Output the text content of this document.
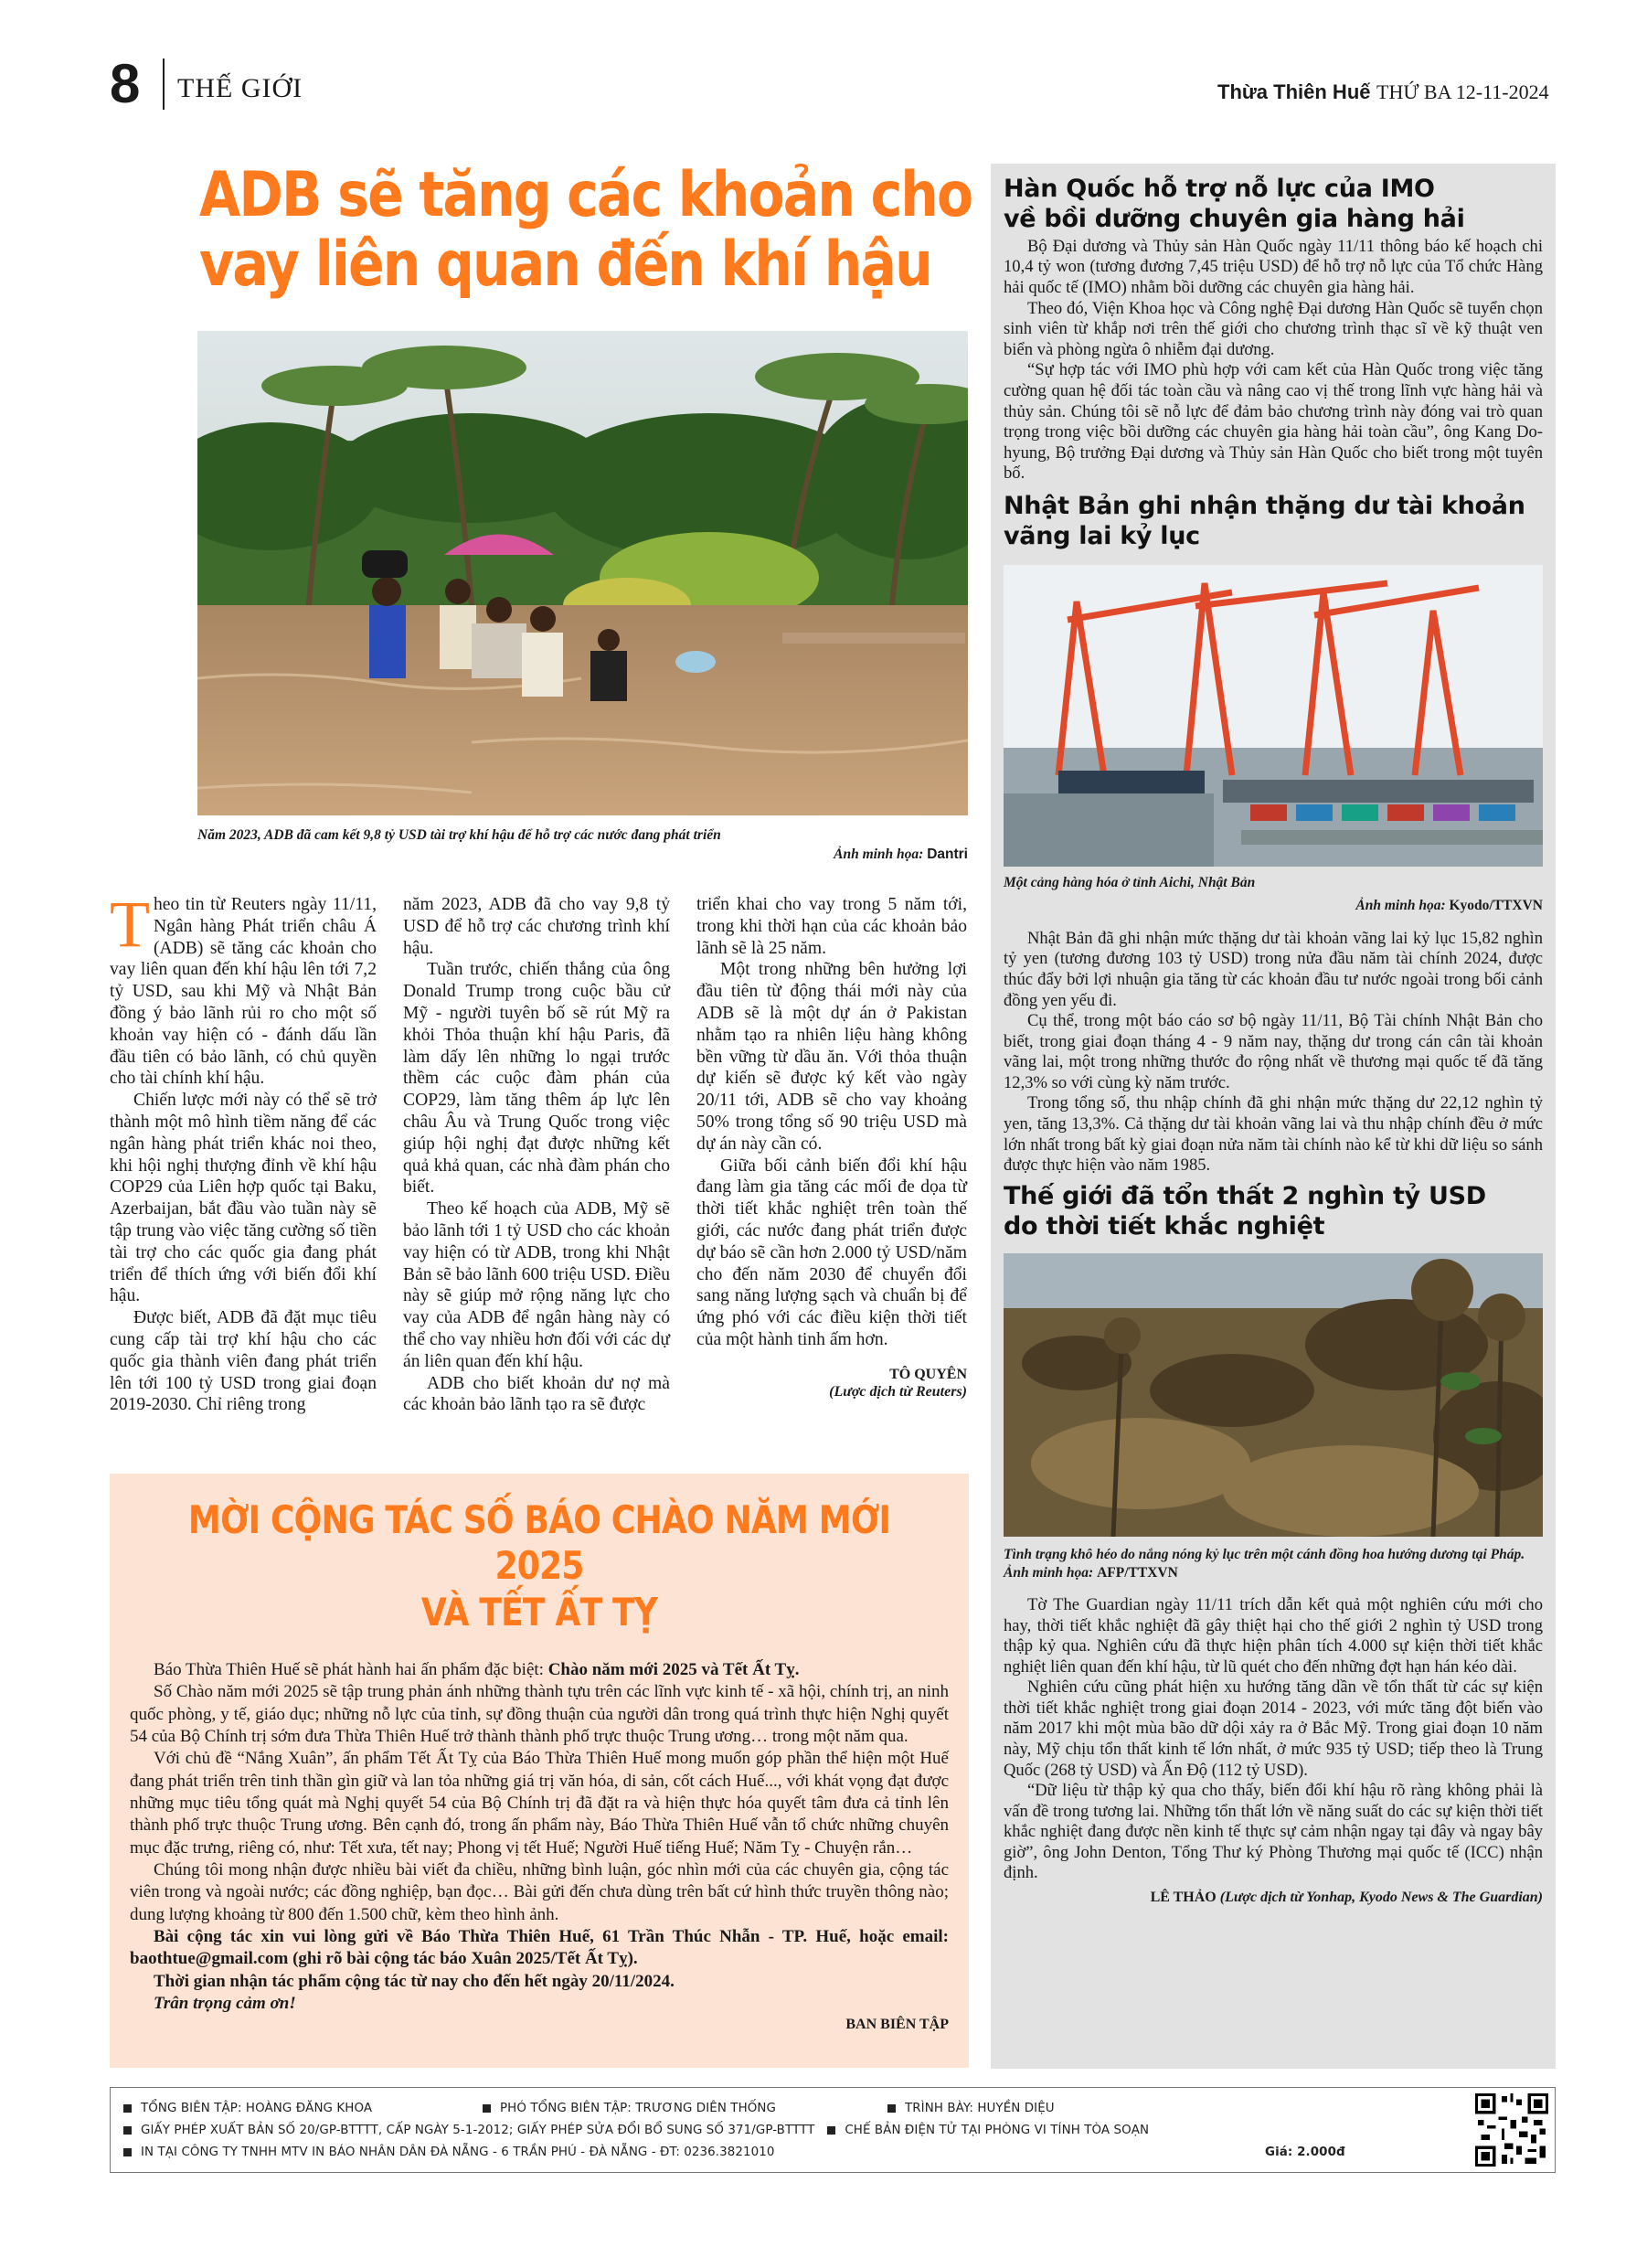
8 THẾ GIỚI	Thừa Thiên Huế THỨ BA 12-11-2024
ADB sẽ tăng các khoản cho vay liên quan đến khí hậu
Năm 2023, ADB đã cam kết 9,8 tỷ USD tài trợ khí hậu để hỗ trợ các nước đang phát triển
Ảnh minh họa: Dantri

Theo tin từ Reuters ngày 11/11, Ngân hàng Phát triển châu Á (ADB) sẽ tăng các khoản cho vay liên quan đến khí hậu lên tới 7,2 tỷ USD, sau khi Mỹ và Nhật Bản đồng ý bảo lãnh rủi ro cho một số khoản vay hiện có - đánh dấu lần đầu tiên có bảo lãnh, có chủ quyền cho tài chính khí hậu.

Chiến lược mới này có thể sẽ trở thành một mô hình tiềm năng để các ngân hàng phát triển khác noi theo, khi hội nghị thượng đỉnh về khí hậu COP29 của Liên hợp quốc tại Baku, Azerbaijan, bắt đầu vào tuần này sẽ tập trung vào việc tăng cường số tiền tài trợ cho các quốc gia đang phát triển để thích ứng với biến đổi khí hậu.

Được biết, ADB đã đặt mục tiêu cung cấp tài trợ khí hậu cho các quốc gia thành viên đang phát triển lên tới 100 tỷ USD trong giai đoạn 2019-2030. Chỉ riêng trong

năm 2023, ADB đã cho vay 9,8 tỷ USD để hỗ trợ các chương trình khí hậu.

Tuần trước, chiến thắng của ông Donald Trump trong cuộc bầu cử Mỹ - người tuyên bố sẽ rút Mỹ ra khỏi Thỏa thuận khí hậu Paris, đã làm dấy lên những lo ngại trước thềm các cuộc đàm phán của COP29, làm tăng thêm áp lực lên châu Âu và Trung Quốc trong việc giúp hội nghị đạt được những kết quả khả quan, các nhà đàm phán cho biết.

Theo kế hoạch của ADB, Mỹ sẽ bảo lãnh tới 1 tỷ USD cho các khoản vay hiện có từ ADB, trong khi Nhật Bản sẽ bảo lãnh 600 triệu USD. Điều này sẽ giúp mở rộng năng lực cho vay của ADB để ngân hàng này có thể cho vay nhiều hơn đối với các dự án liên quan đến khí hậu.

ADB cho biết khoản dư nợ mà các khoản bảo lãnh tạo ra sẽ được

triển khai cho vay trong 5 năm tới, trong khi thời hạn của các khoản bảo lãnh sẽ là 25 năm.

Một trong những bên hưởng lợi đầu tiên từ động thái mới này của ADB sẽ là một dự án ở Pakistan nhằm tạo ra nhiên liệu hàng không bền vững từ dầu ăn. Với thỏa thuận dự kiến sẽ được ký kết vào ngày 20/11 tới, ADB sẽ cho vay khoảng 50% trong tổng số 90 triệu USD mà dự án này cần có.

Giữa bối cảnh biến đổi khí hậu đang làm gia tăng các mối đe dọa từ thời tiết khắc nghiệt trên toàn thế giới, các nước đang phát triển được dự báo sẽ cần hơn 2.000 tỷ USD/năm cho đến năm 2030 để chuyển đổi sang năng lượng sạch và chuẩn bị để ứng phó với các điều kiện thời tiết của một hành tinh ấm hơn.

TÔ QUYÊN
(Lược dịch từ Reuters)
MỜI CỘNG TÁC SỐ BÁO CHÀO NĂM MỚI 2025
VÀ TẾT ẤT TỴ

Báo Thừa Thiên Huế sẽ phát hành hai ấn phẩm đặc biệt: Chào năm mới 2025 và Tết Ất Tỵ.

Số Chào năm mới 2025 sẽ tập trung phản ánh những thành tựu trên các lĩnh vực kinh tế - xã hội, chính trị, an ninh quốc phòng, y tế, giáo dục; những nỗ lực của tỉnh, sự đồng thuận của người dân trong quá trình thực hiện Nghị quyết 54 của Bộ Chính trị sớm đưa Thừa Thiên Huế trở thành thành phố trực thuộc Trung ương… trong một năm qua.

Với chủ đề “Nắng Xuân”, ấn phẩm Tết Ất Tỵ của Báo Thừa Thiên Huế mong muốn góp phần thể hiện một Huế đang phát triển trên tinh thần gìn giữ và lan tỏa những giá trị văn hóa, di sản, cốt cách Huế..., với khát vọng đạt được những mục tiêu tổng quát mà Nghị quyết 54 của Bộ Chính trị đã đặt ra và hiện thực hóa quyết tâm đưa cả tỉnh lên thành phố trực thuộc Trung ương. Bên cạnh đó, trong ấn phẩm này, Báo Thừa Thiên Huế vẫn tổ chức những chuyên mục đặc trưng, riêng có, như: Tết xưa, tết nay; Phong vị tết Huế; Người Huế tiếng Huế; Năm Tỵ - Chuyện rắn…

Chúng tôi mong nhận được nhiều bài viết đa chiều, những bình luận, góc nhìn mới của các chuyên gia, cộng tác viên trong và ngoài nước; các đồng nghiệp, bạn đọc… Bài gửi đến chưa dùng trên bất cứ hình thức truyền thông nào; dung lượng khoảng từ 800 đến 1.500 chữ, kèm theo hình ảnh.

Bài cộng tác xin vui lòng gửi về Báo Thừa Thiên Huế, 61 Trần Thúc Nhẫn - TP. Huế, hoặc email: baothtue@gmail.com (ghi rõ bài cộng tác báo Xuân 2025/Tết Ất Tỵ).

Thời gian nhận tác phẩm cộng tác từ nay cho đến hết ngày 20/11/2024.

Trân trọng cảm ơn!

BAN BIÊN TẬP
Hàn Quốc hỗ trợ nỗ lực của IMO
về bồi dưỡng chuyên gia hàng hải

Bộ Đại dương và Thủy sản Hàn Quốc ngày 11/11 thông báo kế hoạch chi 10,4 tỷ won (tương đương 7,45 triệu USD) để hỗ trợ nỗ lực của Tổ chức Hàng hải quốc tế (IMO) nhằm bồi dưỡng các chuyên gia hàng hải.

Theo đó, Viện Khoa học và Công nghệ Đại dương Hàn Quốc sẽ tuyển chọn sinh viên từ khắp nơi trên thế giới cho chương trình thạc sĩ về kỹ thuật ven biển và phòng ngừa ô nhiễm đại dương.

“Sự hợp tác với IMO phù hợp với cam kết của Hàn Quốc trong việc tăng cường quan hệ đối tác toàn cầu và nâng cao vị thế trong lĩnh vực hàng hải và thủy sản. Chúng tôi sẽ nỗ lực để đảm bảo chương trình này đóng vai trò quan trọng trong việc bồi dưỡng các chuyên gia hàng hải toàn cầu”, ông Kang Do-hyung, Bộ trưởng Đại dương và Thủy sản Hàn Quốc cho biết trong một tuyên bố.

Nhật Bản ghi nhận thặng dư tài khoản
vãng lai kỷ lục
Một cảng hàng hóa ở tỉnh Aichi, Nhật Bản
Ảnh minh họa: Kyodo/TTXVN

Nhật Bản đã ghi nhận mức thặng dư tài khoản vãng lai kỷ lục 15,82 nghìn tỷ yen (tương đương 103 tỷ USD) trong nửa đầu năm tài chính 2024, được thúc đẩy bởi lợi nhuận gia tăng từ các khoản đầu tư nước ngoài trong bối cảnh đồng yen yếu đi.

Cụ thể, trong một báo cáo sơ bộ ngày 11/11, Bộ Tài chính Nhật Bản cho biết, trong giai đoạn tháng 4 - 9 năm nay, thặng dư trong cán cân tài khoản vãng lai, một trong những thước đo rộng nhất về thương mại quốc tế đã tăng 12,3% so với cùng kỳ năm trước.

Trong tổng số, thu nhập chính đã ghi nhận mức thặng dư 22,12 nghìn tỷ yen, tăng 13,3%. Cả thặng dư tài khoản vãng lai và thu nhập chính đều ở mức lớn nhất trong bất kỳ giai đoạn nửa năm tài chính nào kể từ khi dữ liệu so sánh được thực hiện vào năm 1985.

Thế giới đã tổn thất 2 nghìn tỷ USD
do thời tiết khắc nghiệt
Tình trạng khô héo do nắng nóng kỷ lục trên một cánh đồng hoa hướng dương tại Pháp. Ảnh minh họa: AFP/TTXVN

Tờ The Guardian ngày 11/11 trích dẫn kết quả một nghiên cứu mới cho hay, thời tiết khắc nghiệt đã gây thiệt hại cho thế giới 2 nghìn tỷ USD trong thập kỷ qua. Nghiên cứu đã thực hiện phân tích 4.000 sự kiện thời tiết khắc nghiệt liên quan đến khí hậu, từ lũ quét cho đến những đợt hạn hán kéo dài.

Nghiên cứu cũng phát hiện xu hướng tăng dần về tổn thất từ các sự kiện thời tiết khắc nghiệt trong giai đoạn 2014 - 2023, với mức tăng đột biến vào năm 2017 khi một mùa bão dữ dội xảy ra ở Bắc Mỹ. Trong giai đoạn 10 năm này, Mỹ chịu tổn thất kinh tế lớn nhất, ở mức 935 tỷ USD; tiếp theo là Trung Quốc (268 tỷ USD) và Ấn Độ (112 tỷ USD).

“Dữ liệu từ thập kỷ qua cho thấy, biến đổi khí hậu rõ ràng không phải là vấn đề trong tương lai. Những tổn thất lớn về năng suất do các sự kiện thời tiết khắc nghiệt đang được nền kinh tế thực sự cảm nhận ngay tại đây và ngay bây giờ”, ông John Denton, Tổng Thư ký Phòng Thương mại quốc tế (ICC) nhận định.

LÊ THẢO (Lược dịch từ Yonhap, Kyodo News & The Guardian)
TỔNG BIÊN TẬP: HOÀNG ĐĂNG KHOA	PHÓ TỔNG BIÊN TẬP: TRƯƠNG DIÊN THỐNG	TRÌNH BÀY: HUYỀN DIỆU
GIẤY PHÉP XUẤT BẢN SỐ 20/GP-BTTTT, CẤP NGÀY 5-1-2012; GIẤY PHÉP SỬA ĐỔI BỔ SUNG SỐ 371/GP-BTTTT CHẾ BẢN ĐIỆN TỬ TẠI PHÒNG VI TÍNH TÒA SOẠN
IN TẠI CÔNG TY TNHH MTV IN BÁO NHÂN DÂN ĐÀ NẴNG - 6 TRẦN PHÚ - ĐÀ NẴNG - ĐT: 0236.3821010	Giá: 2.000đ
